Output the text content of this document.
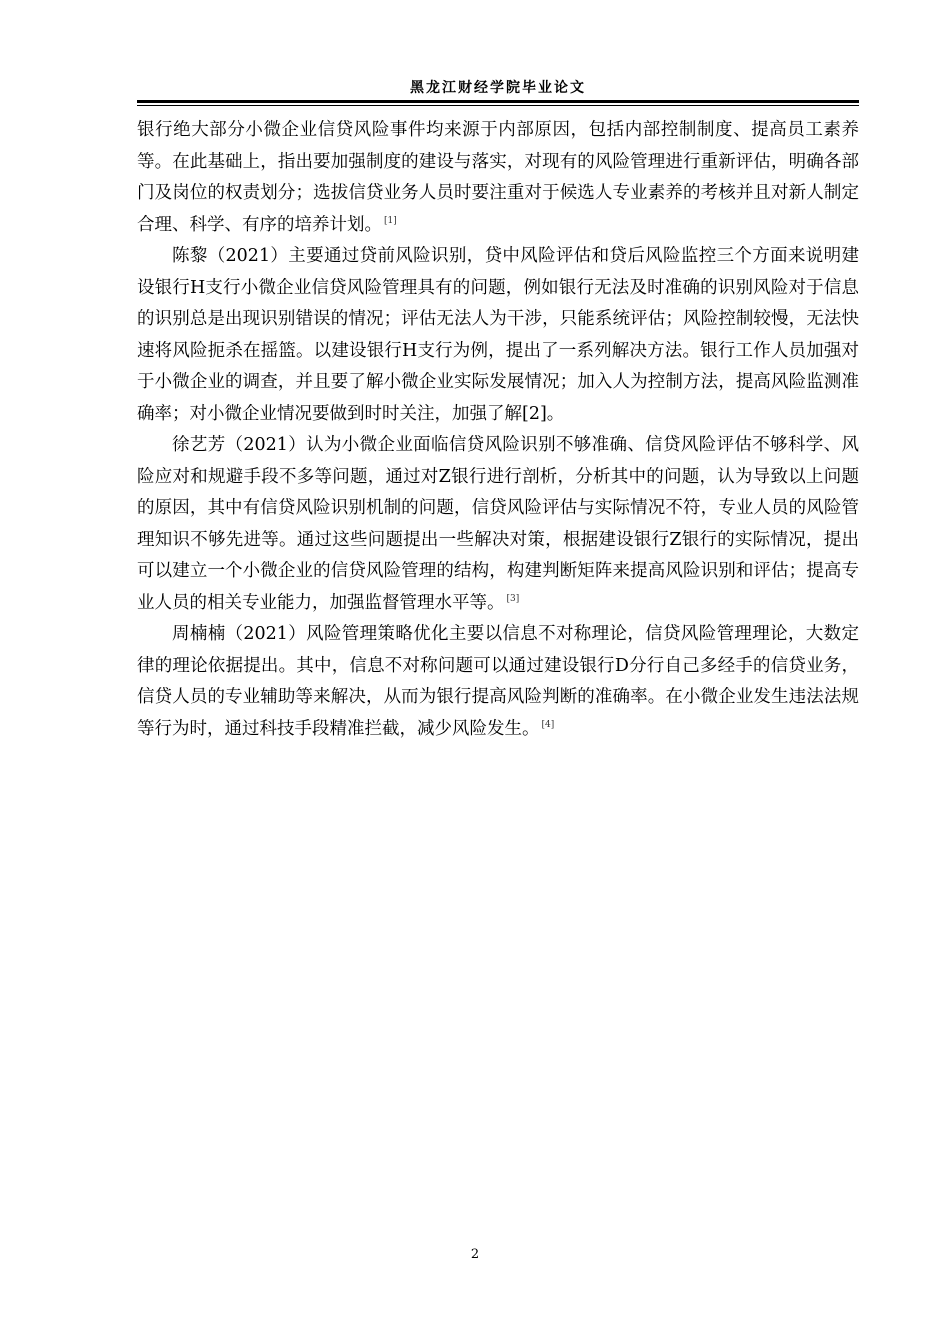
黑龙江财经学院毕业论文

银行绝大部分小微企业信贷风险事件均来源于内部原因，包括内部控制制度、提高员工素养等。在此基础上，指出要加强制度的建设与落实，对现有的风险管理进行重新评估，明确各部门及岗位的权责划分；选拔信贷业务人员时要注重对于候选人专业素养的考核并且对新人制定合理、科学、有序的培养计划。 [1]

陈黎（2021）主要通过贷前风险识别，贷中风险评估和贷后风险监控三个方面来说明建设银行H支行小微企业信贷风险管理具有的问题，例如银行无法及时准确的识别风险对于信息的识别总是出现识别错误的情况；评估无法人为干涉，只能系统评估；风险控制较慢，无法快速将风险扼杀在摇篮。以建设银行H支行为例，提出了一系列解决方法。银行工作人员加强对于小微企业的调查，并且要了解小微企业实际发展情况；加入人为控制方法，提高风险监测准确率；对小微企业情况要做到时时关注，加强了解[2]。

徐艺芳（2021）认为小微企业面临信贷风险识别不够准确、信贷风险评估不够科学、风险应对和规避手段不多等问题，通过对Z银行进行剖析，分析其中的问题，认为导致以上问题的原因，其中有信贷风险识别机制的问题，信贷风险评估与实际情况不符，专业人员的风险管理知识不够先进等。通过这些问题提出一些解决对策，根据建设银行Z银行的实际情况，提出可以建立一个小微企业的信贷风险管理的结构，构建判断矩阵来提高风险识别和评估；提高专业人员的相关专业能力，加强监督管理水平等。 [3]

周楠楠（2021）风险管理策略优化主要以信息不对称理论，信贷风险管理理论，大数定律的理论依据提出。其中，信息不对称问题可以通过建设银行D分行自己多经手的信贷业务，信贷人员的专业辅助等来解决，从而为银行提高风险判断的准确率。在小微企业发生违法法规等行为时，通过科技手段精准拦截，减少风险发生。 [4]

2
